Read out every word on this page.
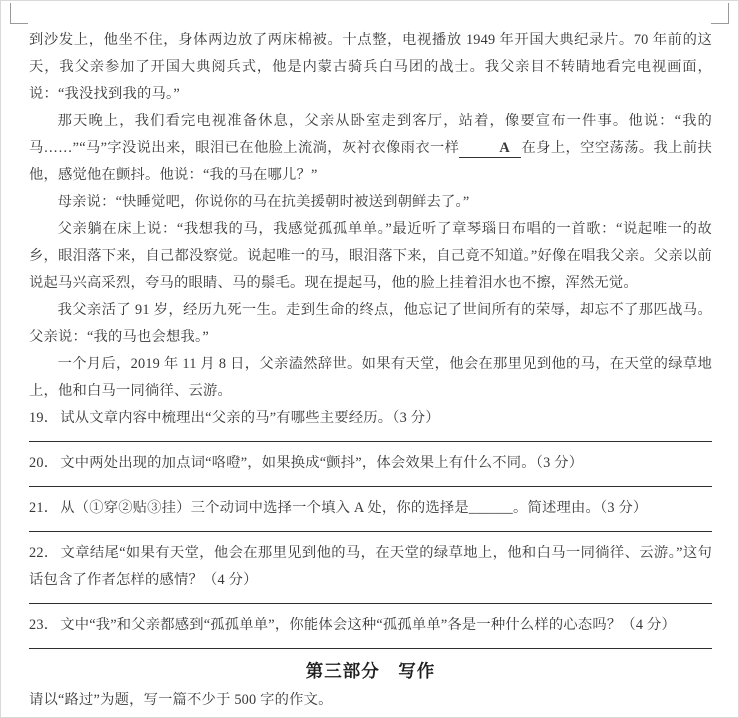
到沙发上，他坐不住，身体两边放了两床棉被。十点整，电视播放 1949 年开国大典纪录片。70 年前的这天，我父亲参加了开国大典阅兵式，他是内蒙古骑兵白马团的战士。我父亲目不转睛地看完电视画面，说：“我没找到我的马。”

那天晚上，我们看完电视准备休息，父亲从卧室走到客厅，站着，像要宣布一件事。他说：“我的马……”“马”字没说出来，眼泪已在他脸上流淌，灰衬衣像雨衣一样	A 在身上，空空荡荡。我上前扶他，感觉他在颤抖。他说：“我的马在哪儿？”

母亲说：“快睡觉吧，你说你的马在抗美援朝时被送到朝鲜去了。”

父亲躺在床上说：“我想我的马，我感觉孤孤单单。”最近听了章琴瑙日布唱的一首歌：“说起唯一的故乡，眼泪落下来，自己都没察觉。说起唯一的马，眼泪落下来，自己竟不知道。”好像在唱我父亲。父亲以前说起马兴高采烈，夸马的眼睛、马的鬃毛。现在提起马，他的脸上挂着泪水也不擦，浑然无觉。

我父亲活了 91 岁，经历九死一生。走到生命的终点，他忘记了世间所有的荣辱，却忘不了那匹战马。父亲说：“我的马也会想我。”

一个月后，2019 年 11 月 8 日，父亲溘然辞世。如果有天堂，他会在那里见到他的马，在天堂的绿草地上，他和白马一同徜徉、云游。

19． 试从文章内容中梳理出“父亲的马”有哪些主要经历。（3 分）

20． 文中两处出现的加点词“咯噔”，如果换成“颤抖”，体会效果上有什么不同。（3 分）

21． 从（①穿②贴③挂）三个动词中选择一个填入 A 处，你的选择是______。简述理由。（3 分）

22． 文章结尾“如果有天堂，他会在那里见到他的马，在天堂的绿草地上，他和白马一同徜徉、云游。”这句话包含了作者怎样的感情？（4 分）

23． 文中“我”和父亲都感到“孤孤单单”，你能体会这种“孤孤单单”各是一种什么样的心态吗？（4 分）

第三部分　写作

请以“路过”为题，写一篇不少于 500 字的作文。
